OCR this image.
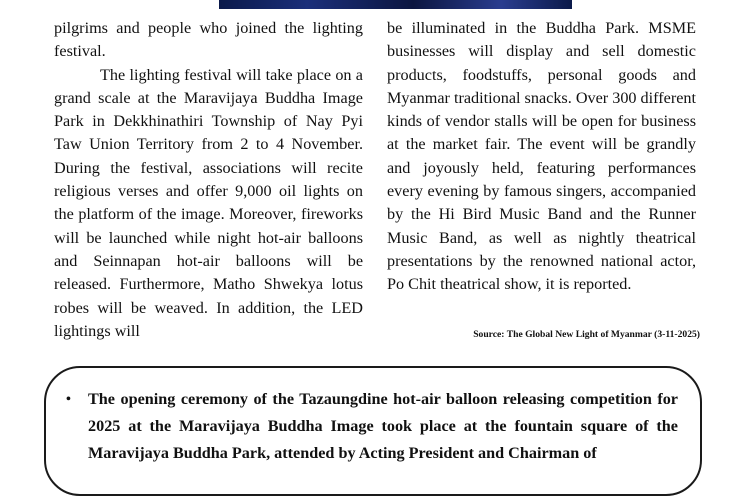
pilgrims and people who joined the lighting festival.

The lighting festival will take place on a grand scale at the Maravijaya Buddha Image Park in Dekkhinathiri Township of Nay Pyi Taw Union Territory from 2 to 4 November. During the festival, associations will recite religious verses and offer 9,000 oil lights on the platform of the image. Moreover, fireworks will be launched while night hot-air balloons and Seinnapan hot-air balloons will be released. Furthermore, Matho Shwekya lotus robes will be weaved. In addition, the LED lightings will

be illuminated in the Buddha Park. MSME businesses will display and sell domestic products, foodstuffs, personal goods and Myanmar traditional snacks. Over 300 different kinds of vendor stalls will be open for business at the market fair. The event will be grandly and joyously held, featuring performances every evening by famous singers, accompanied by the Hi Bird Music Band and the Runner Music Band, as well as nightly theatrical presentations by the renowned national actor, Po Chit theatrical show, it is reported.

Source: The Global New Light of Myanmar (3-11-2025)
• The opening ceremony of the Tazaungdine hot-air balloon releasing competition for 2025 at the Maravijaya Buddha Image took place at the fountain square of the Maravijaya Buddha Park, attended by Acting President and Chairman of
